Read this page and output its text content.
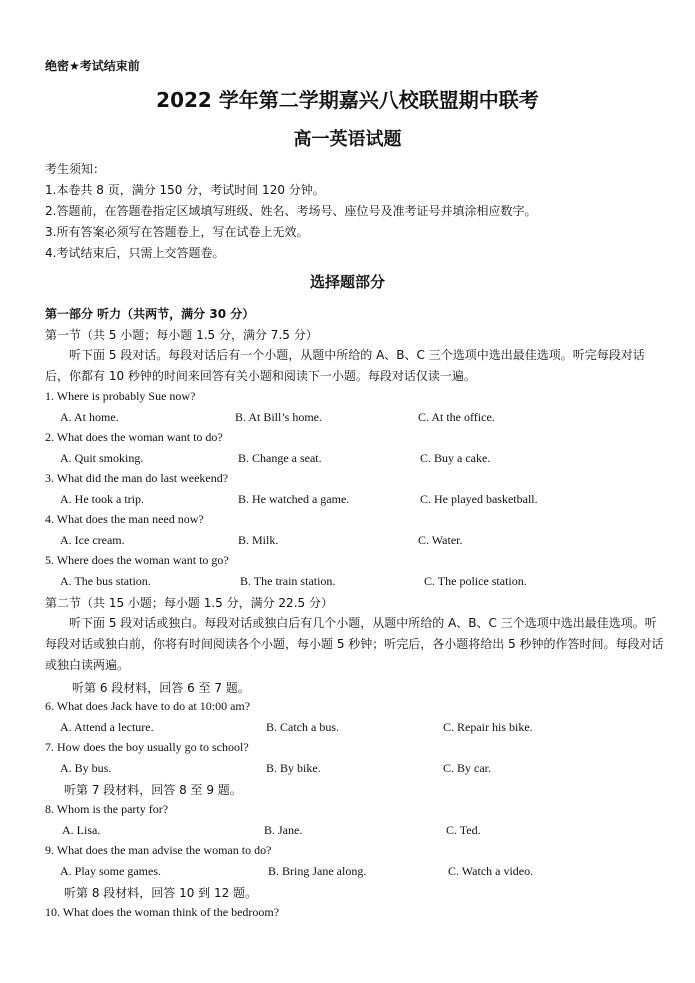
绝密★考试结束前
2022 学年第二学期嘉兴八校联盟期中联考
高一英语试题
考生须知：
1.本卷共 8 页，满分 150 分，考试时间 120 分钟。
2.答题前，在答题卷指定区域填写班级、姓名、考场号、座位号及准考证号并填涂相应数字。
3.所有答案必须写在答题卷上，写在试卷上无效。
4.考试结束后，只需上交答题卷。
选择题部分
第一部分 听力（共两节，满分 30 分）
第一节（共 5 小题；每小题 1.5 分，满分 7.5 分）
听下面 5 段对话。每段对话后有一个小题，从题中所给的 A、B、C 三个选项中选出最佳选项。听完每段对话后，你都有 10 秒钟的时间来回答有关小题和阅读下一小题。每段对话仅读一遍。
1. Where is probably Sue now?
A. At home.	B. At Bill’s home.	C. At the office.
2. What does the woman want to do?
A. Quit smoking.	B. Change a seat.	C. Buy a cake.
3. What did the man do last weekend?
A. He took a trip.	B. He watched a game.	C. He played basketball.
4. What does the man need now?
A. Ice cream.	B. Milk.	C. Water.
5. Where does the woman want to go?
A. The bus station.	B. The train station.	C. The police station.
第二节（共 15 小题；每小题 1.5 分，满分 22.5 分）
听下面 5 段对话或独白。每段对话或独白后有几个小题，从题中所给的 A、B、C 三个选项中选出最佳选项。听每段对话或独白前，你将有时间阅读各个小题，每小题 5 秒钟；听完后，各小题将给出 5 秒钟的作答时间。每段对话或独白读两遍。
听第 6 段材料，回答 6 至 7 题。
6. What does Jack have to do at 10:00 am?
A. Attend a lecture.	B. Catch a bus.	C. Repair his bike.
7. How does the boy usually go to school?
A. By bus.	B. By bike.	C. By car.
听第 7 段材料，回答 8 至 9 题。
8. Whom is the party for?
A. Lisa.	B. Jane.	C. Ted.
9. What does the man advise the woman to do?
A. Play some games.	B. Bring Jane along.	C. Watch a video.
听第 8 段材料，回答 10 到 12 题。
10. What does the woman think of the bedroom?
